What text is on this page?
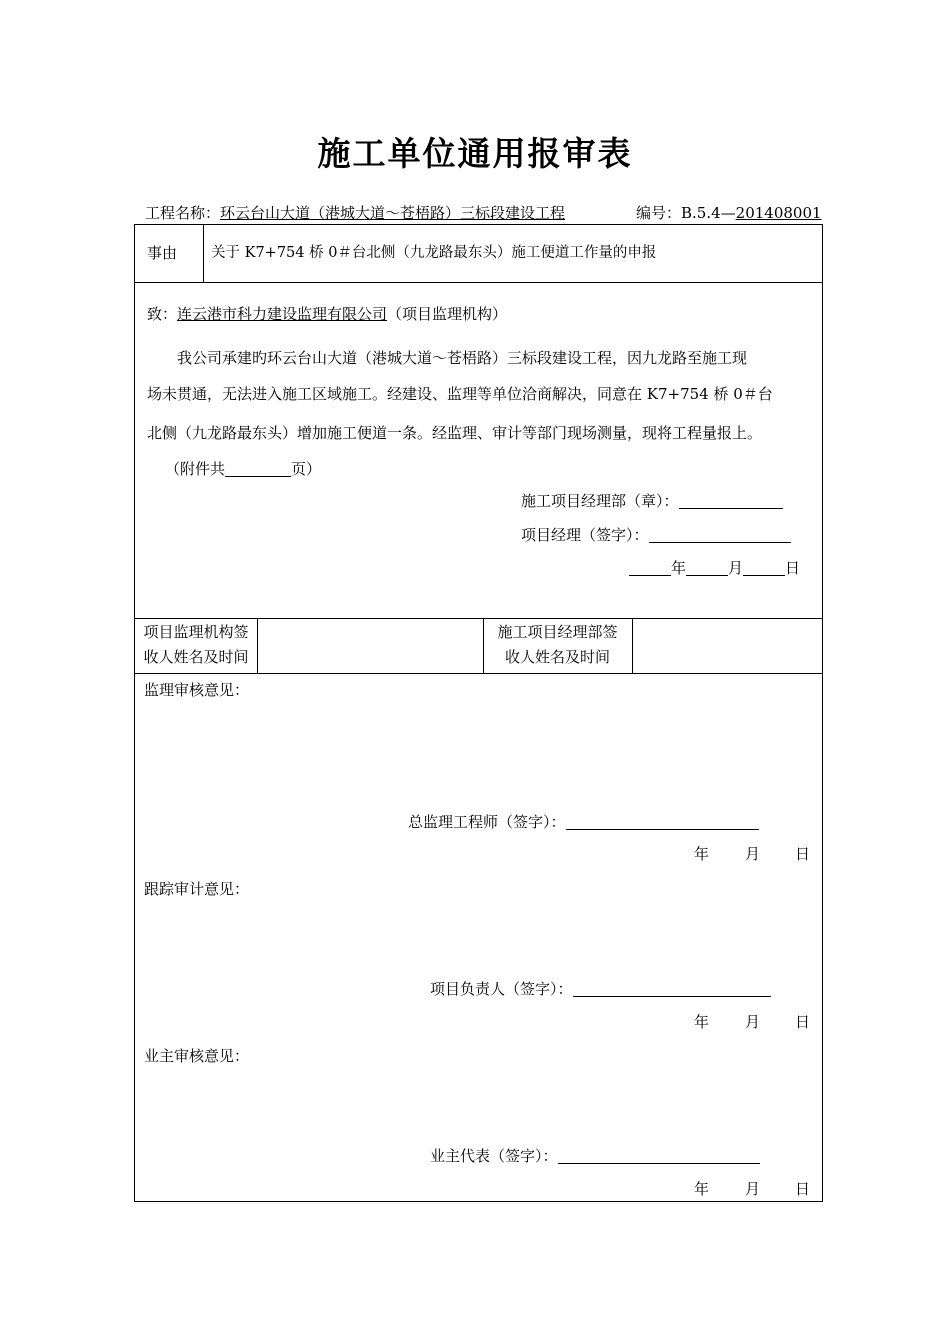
施工单位通用报审表
工程名称：环云台山大道（港城大道～苍梧路）三标段建设工程	编号：B.5.4—201408001
事由 关于 K7+754 桥 0＃台北侧（九龙路最东头）施工便道工作量的申报
致：连云港市科力建设监理有限公司（项目监理机构）
我公司承建旳环云台山大道（港城大道～苍梧路）三标段建设工程，因九龙路至施工现
场未贯通，无法进入施工区域施工。经建设、监理等单位洽商解决，同意在 K7+754 桥 0＃台
北侧（九龙路最东头）增加施工便道一条。经监理、审计等部门现场测量，现将工程量报上。
（附件共	页）
施工项目经理部（章）：
项目经理（签字）：
年	月	日
项目监理机构签
收人姓名及时间
施工项目经理部签
收人姓名及时间
监理审核意见：
总监理工程师（签字）：
年 月 日
跟踪审计意见：
项目负责人（签字）：
年 月 日
业主审核意见：
业主代表（签字）：
年 月 日
